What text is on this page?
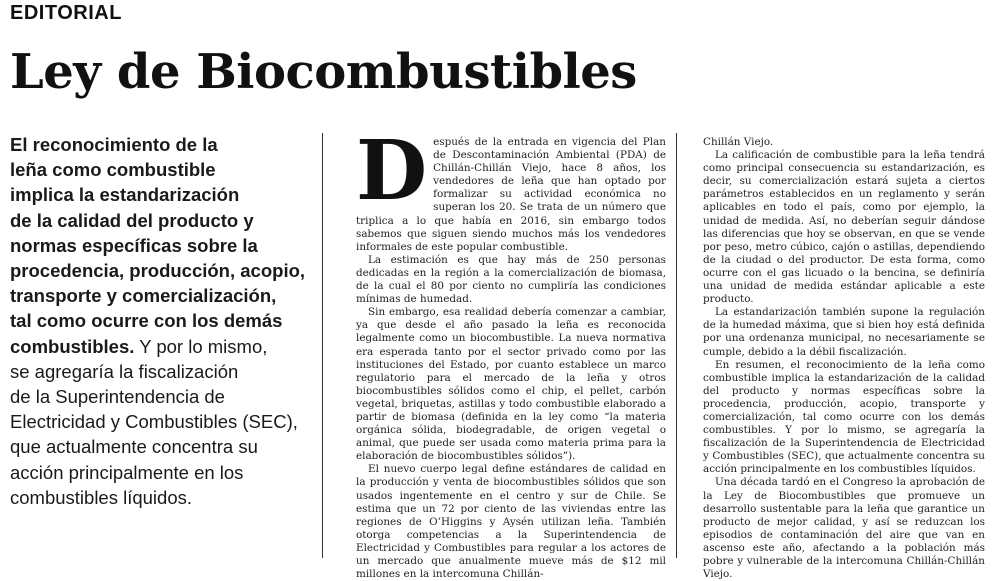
EDITORIAL
Ley de Biocombustibles
El reconocimiento de la
leña como combustible
implica la estandarización
de la calidad del producto y
normas específicas sobre la
procedencia, producción, acopio,
transporte y comercialización,
tal como ocurre con los demás
combustibles. Y por lo mismo,
se agregaría la fiscalización
de la Superintendencia de
Electricidad y Combustibles (SEC),
que actualmente concentra su
acción principalmente en los
combustibles líquidos.

Después de la entrada en vigencia del Plan de Descontaminación Ambiental (PDA) de Chillán-Chillán Viejo, hace 8 años, los vendedores de leña que han optado por formalizar su actividad económica no superan los 20. Se trata de un número que triplica a lo que había en 2016, sin embargo todos sabemos que siguen siendo muchos más los vendedores informales de este popular combustible.

La estimación es que hay más de 250 personas dedicadas en la región a la comercialización de biomasa, de la cual el 80 por ciento no cumpliría las condiciones mínimas de humedad.

Sin embargo, esa realidad debería comenzar a cambiar, ya que desde el año pasado la leña es reconocida legalmente como un biocombustible. La nueva normativa era esperada tanto por el sector privado como por las instituciones del Estado, por cuanto establece un marco regulatorio para el mercado de la leña y otros biocombustibles sólidos como el chip, el pellet, carbón vegetal, briquetas, astillas y todo combustible elaborado a partir de biomasa (definida en la ley como “la materia orgánica sólida, biodegradable, de origen vegetal o animal, que puede ser usada como materia prima para la elaboración de biocombustibles sólidos”).

El nuevo cuerpo legal define estándares de calidad en la producción y venta de biocombustibles sólidos que son usados ingentemente en el centro y sur de Chile. Se estima que un 72 por ciento de las viviendas entre las regiones de O’Higgins y Aysén utilizan leña. También otorga competencias a la Superintendencia de Electricidad y Combustibles para regular a los actores de un mercado que anualmente mueve más de $12 mil millones en la intercomuna Chillán-

Chillán Viejo.

La calificación de combustible para la leña tendrá como principal consecuencia su estandarización, es decir, su comercialización estará sujeta a ciertos parámetros establecidos en un reglamento y serán aplicables en todo el país, como por ejemplo, la unidad de medida. Así, no deberían seguir dándose las diferencias que hoy se observan, en que se vende por peso, metro cúbico, cajón o astillas, dependiendo de la ciudad o del productor. De esta forma, como ocurre con el gas licuado o la bencina, se definiría una unidad de medida estándar aplicable a este producto.

La estandarización también supone la regulación de la humedad máxima, que si bien hoy está definida por una ordenanza municipal, no necesariamente se cumple, debido a la débil fiscalización.

En resumen, el reconocimiento de la leña como combustible implica la estandarización de la calidad del producto y normas específicas sobre la procedencia, producción, acopio, transporte y comercialización, tal como ocurre con los demás combustibles. Y por lo mismo, se agregaría la fiscalización de la Superintendencia de Electricidad y Combustibles (SEC), que actualmente concentra su acción principalmente en los combustibles líquidos.

Una década tardó en el Congreso la aprobación de la Ley de Biocombustibles que promueve un desarrollo sustentable para la leña que garantice un producto de mejor calidad, y así se reduzcan los episodios de contaminación del aire que van en ascenso este año, afectando a la población más pobre y vulnerable de la intercomuna Chillán-Chillán Viejo.
